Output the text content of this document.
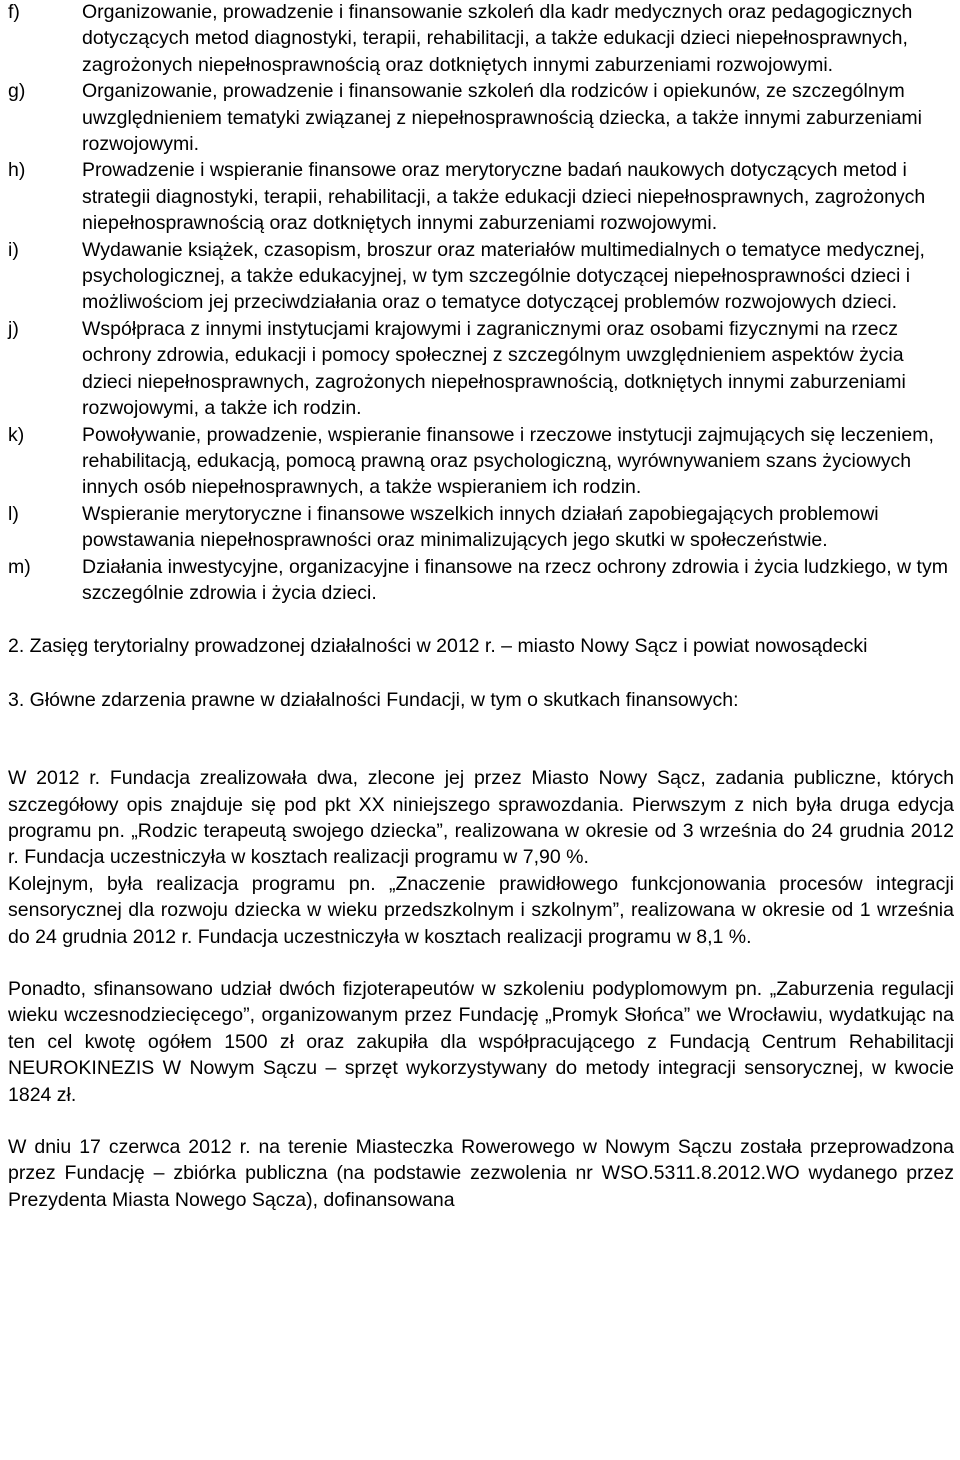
f)	Organizowanie, prowadzenie i finansowanie szkoleń dla kadr medycznych oraz pedagogicznych dotyczących metod diagnostyki, terapii, rehabilitacji, a także edukacji dzieci niepełnosprawnych, zagrożonych niepełnosprawnością oraz dotkniętych innymi zaburzeniami rozwojowymi.
g)	Organizowanie, prowadzenie i finansowanie szkoleń dla rodziców i opiekunów, ze szczególnym uwzględnieniem tematyki związanej z niepełnosprawnością dziecka, a także innymi zaburzeniami rozwojowymi.
h)	Prowadzenie i wspieranie finansowe oraz merytoryczne badań naukowych dotyczących metod i strategii diagnostyki, terapii, rehabilitacji, a także edukacji dzieci niepełnosprawnych, zagrożonych niepełnosprawnością oraz dotkniętych innymi zaburzeniami rozwojowymi.
i)	Wydawanie książek, czasopism, broszur oraz materiałów multimedialnych o tematyce medycznej, psychologicznej, a także edukacyjnej, w tym szczególnie dotyczącej niepełnosprawności dzieci i możliwościom jej przeciwdziałania oraz o tematyce dotyczącej problemów rozwojowych dzieci.
j)	Współpraca z innymi instytucjami krajowymi i zagranicznymi oraz osobami fizycznymi na rzecz ochrony zdrowia, edukacji i pomocy społecznej z szczególnym uwzględnieniem aspektów życia dzieci niepełnosprawnych, zagrożonych niepełnosprawnością, dotkniętych innymi zaburzeniami rozwojowymi, a także ich rodzin.
k)	Powoływanie, prowadzenie, wspieranie finansowe i rzeczowe instytucji zajmujących się leczeniem, rehabilitacją, edukacją, pomocą prawną oraz psychologiczną, wyrównywaniem szans życiowych innych osób niepełnosprawnych, a także wspieraniem ich rodzin.
l)	Wspieranie merytoryczne i finansowe wszelkich innych działań zapobiegających problemowi powstawania niepełnosprawności oraz minimalizujących jego skutki w społeczeństwie.
m)	Działania inwestycyjne, organizacyjne i finansowe na rzecz ochrony zdrowia i życia ludzkiego, w tym szczególnie zdrowia i życia dzieci.

2. Zasięg terytorialny prowadzonej działalności w 2012 r. – miasto Nowy Sącz i powiat nowosądecki

3. Główne zdarzenia prawne w działalności Fundacji, w tym o skutkach finansowych:

W 2012 r. Fundacja zrealizowała dwa, zlecone jej przez Miasto Nowy Sącz, zadania publiczne, których szczegółowy opis znajduje się pod pkt XX niniejszego sprawozdania. Pierwszym z nich była druga edycja programu pn. „Rodzic terapeutą swojego dziecka”, realizowana w okresie od 3 września do 24 grudnia 2012 r. Fundacja uczestniczyła w kosztach realizacji programu w 7,90 %.

Kolejnym, była realizacja programu pn. „Znaczenie prawidłowego funkcjonowania procesów integracji sensorycznej dla rozwoju dziecka w wieku przedszkolnym i szkolnym”, realizowana w okresie od 1 września do 24 grudnia 2012 r. Fundacja uczestniczyła w kosztach realizacji programu w 8,1 %.

Ponadto, sfinansowano udział dwóch fizjoterapeutów w szkoleniu podyplomowym pn. „Zaburzenia regulacji wieku wczesnodziecięcego”, organizowanym przez Fundację „Promyk Słońca” we Wrocławiu, wydatkując na ten cel kwotę ogółem 1500 zł oraz zakupiła dla współpracującego z Fundacją Centrum Rehabilitacji NEUROKINEZIS W Nowym Sączu – sprzęt wykorzystywany do metody integracji sensorycznej, w kwocie 1824 zł.

W dniu 17 czerwca 2012 r. na terenie Miasteczka Rowerowego w Nowym Sączu została przeprowadzona przez Fundację – zbiórka publiczna (na podstawie zezwolenia nr WSO.5311.8.2012.WO wydanego przez Prezydenta Miasta Nowego Sącza), dofinansowana
